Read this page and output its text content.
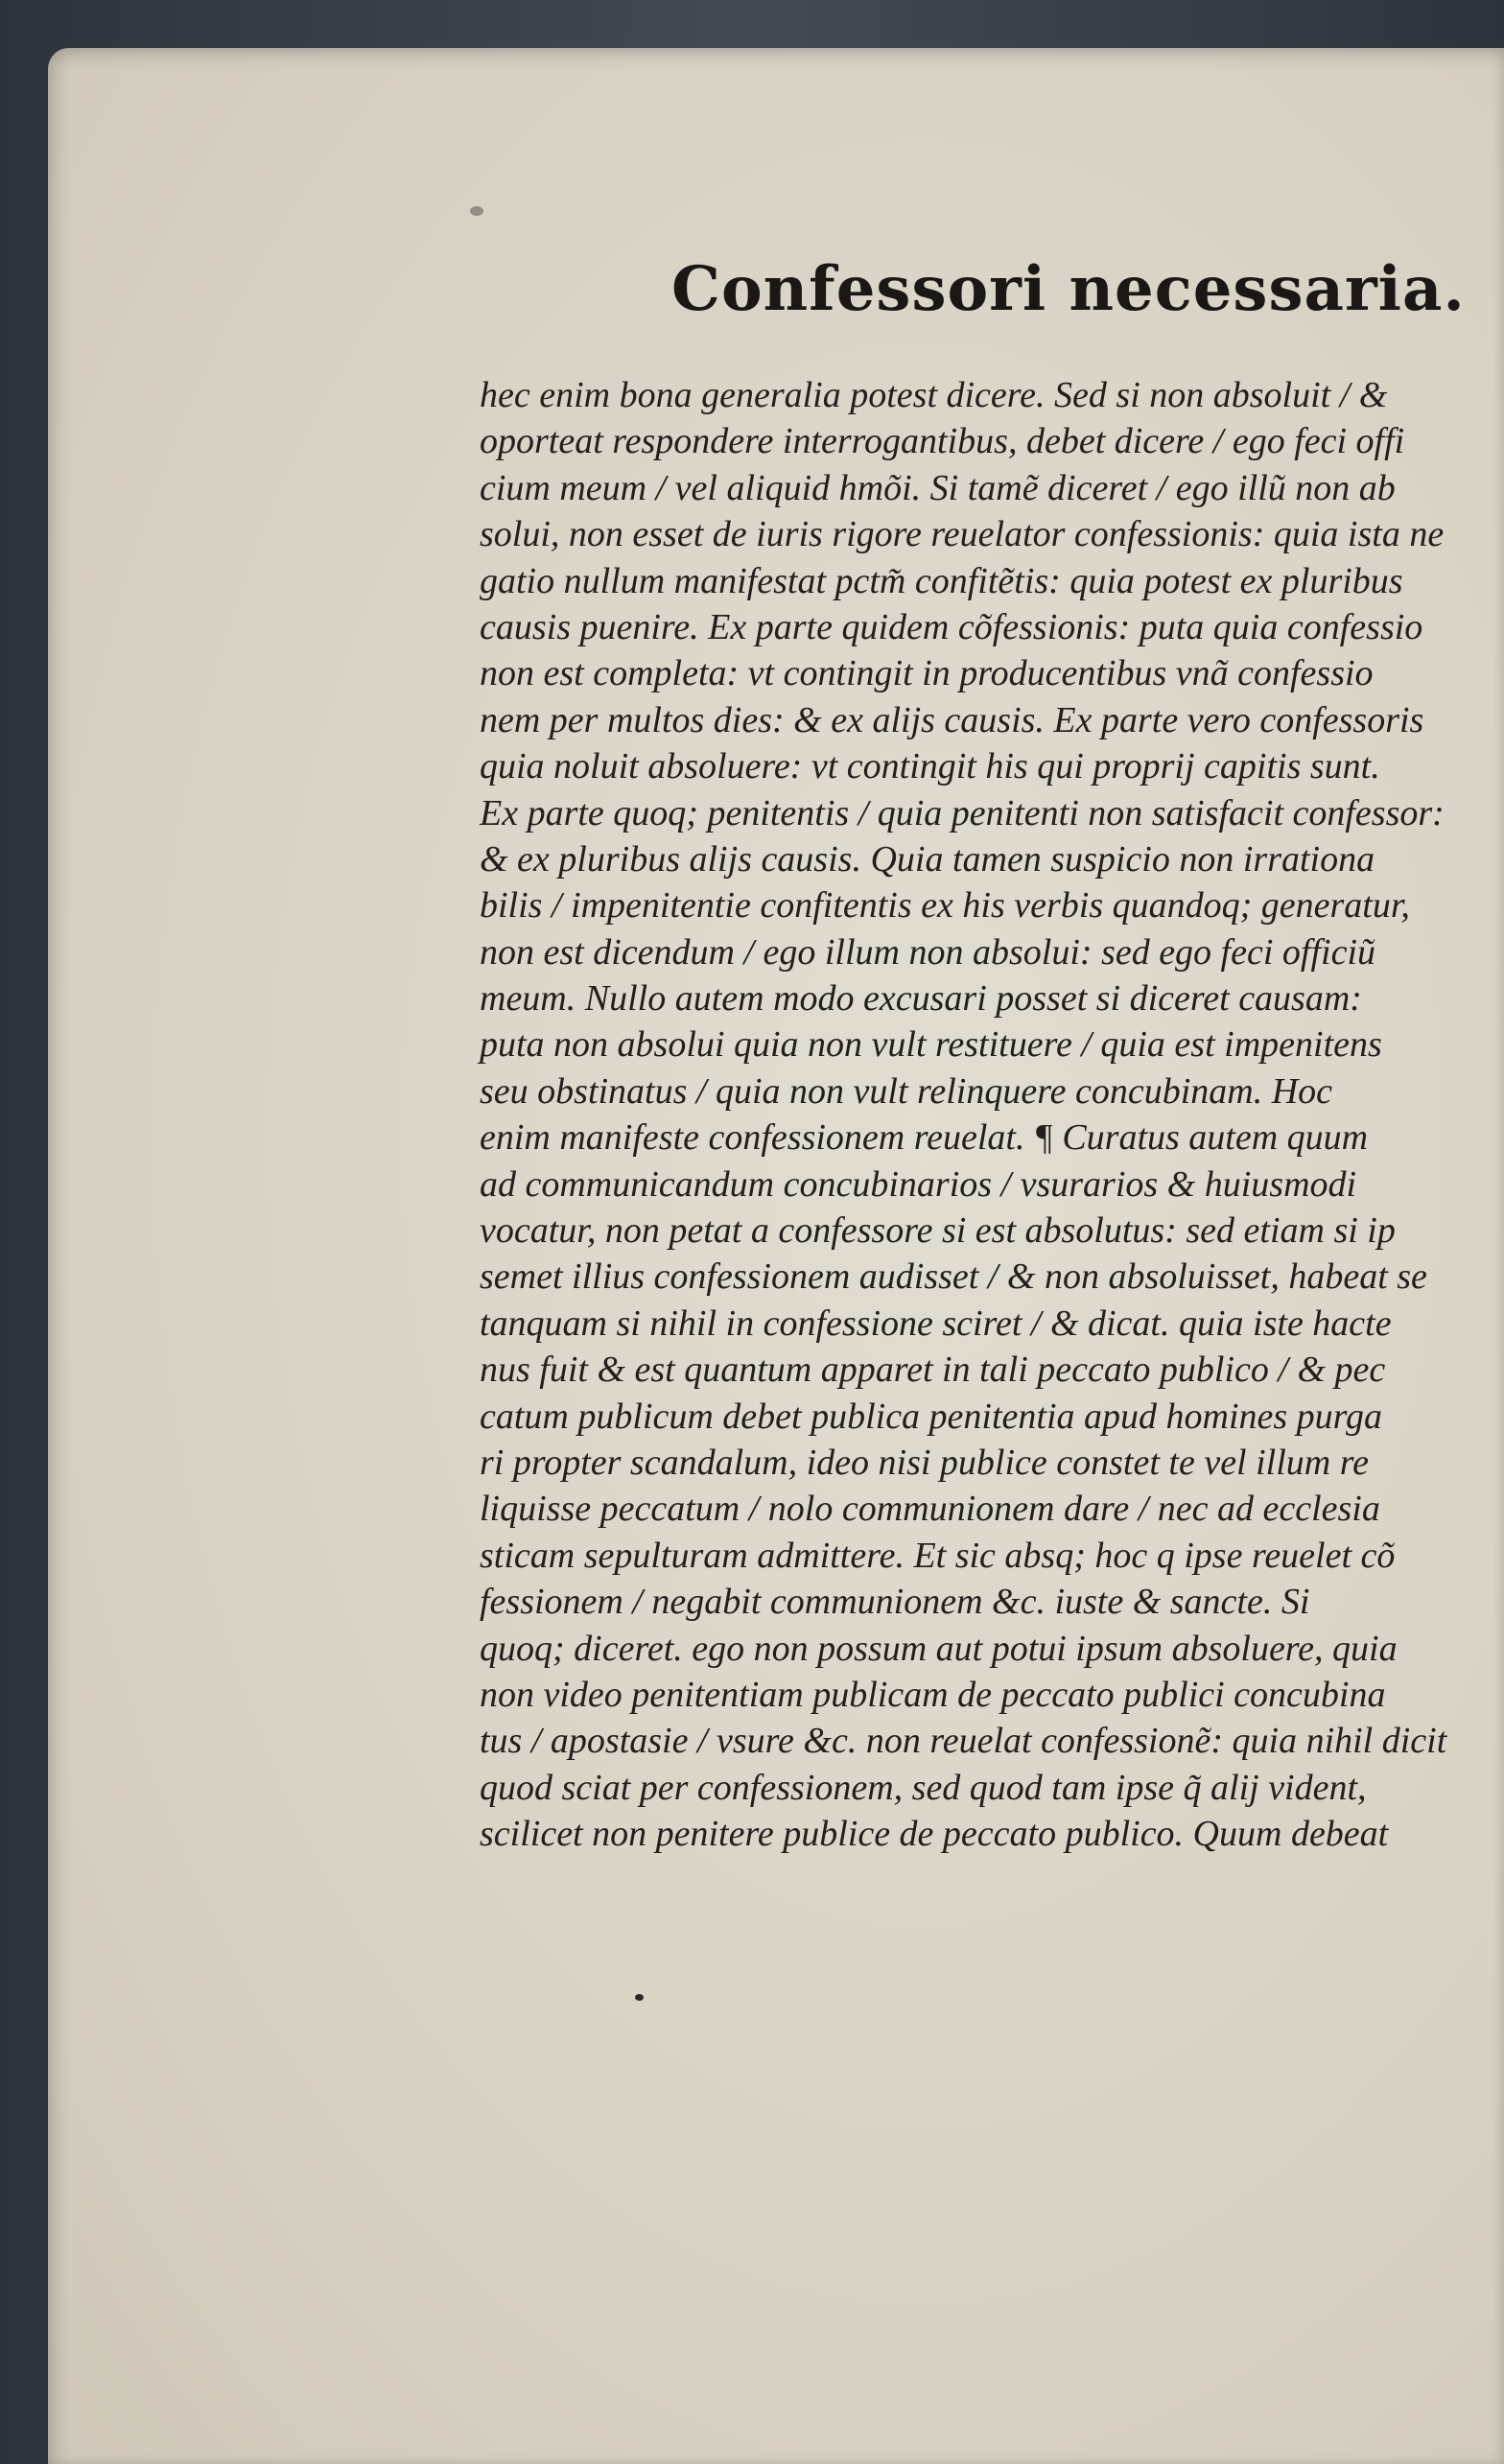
Confessori necessaria.
hec enim bona generalia potest dicere. Sed si non absoluit / &
oporteat respondere interrogantibus, debet dicere / ego feci offi
cium meum / vel aliquid hmõi. Si tamẽ diceret / ego illũ non ab
solui, non esset de iuris rigore reuelator confessionis: quia ista ne
gatio nullum manifestat pctm̃ confitẽtis: quia potest ex pluribus
causis puenire. Ex parte quidem cõfessionis: puta quia confessio
non est completa: vt contingit in producentibus vnã confessio
nem per multos dies: & ex alijs causis. Ex parte vero confessoris
quia noluit absoluere: vt contingit his qui proprij capitis sunt.
Ex parte quoq; penitentis / quia penitenti non satisfacit confessor:
& ex pluribus alijs causis. Quia tamen suspicio non irrationa
bilis / impenitentie confitentis ex his verbis quandoq; generatur,
non est dicendum / ego illum non absolui: sed ego feci officiũ
meum. Nullo autem modo excusari posset si diceret causam:
puta non absolui quia non vult restituere / quia est impenitens
seu obstinatus / quia non vult relinquere concubinam. Hoc
enim manifeste confessionem reuelat. ¶ Curatus autem quum
ad communicandum concubinarios / vsurarios & huiusmodi
vocatur, non petat a confessore si est absolutus: sed etiam si ip
semet illius confessionem audisset / & non absoluisset, habeat se
tanquam si nihil in confessione sciret / & dicat. quia iste hacte
nus fuit & est quantum apparet in tali peccato publico / & pec
catum publicum debet publica penitentia apud homines purga
ri propter scandalum, ideo nisi publice constet te vel illum re
liquisse peccatum / nolo communionem dare / nec ad ecclesia
sticam sepulturam admittere. Et sic absq; hoc q ipse reuelet cõ
fessionem / negabit communionem &c. iuste & sancte. Si
quoq; diceret. ego non possum aut potui ipsum absoluere, quia
non video penitentiam publicam de peccato publici concubina
tus / apostasie / vsure &c. non reuelat confessionẽ: quia nihil dicit
quod sciat per confessionem, sed quod tam ipse q̃ alij vident,
scilicet non penitere publice de peccato publico. Quum debeat
